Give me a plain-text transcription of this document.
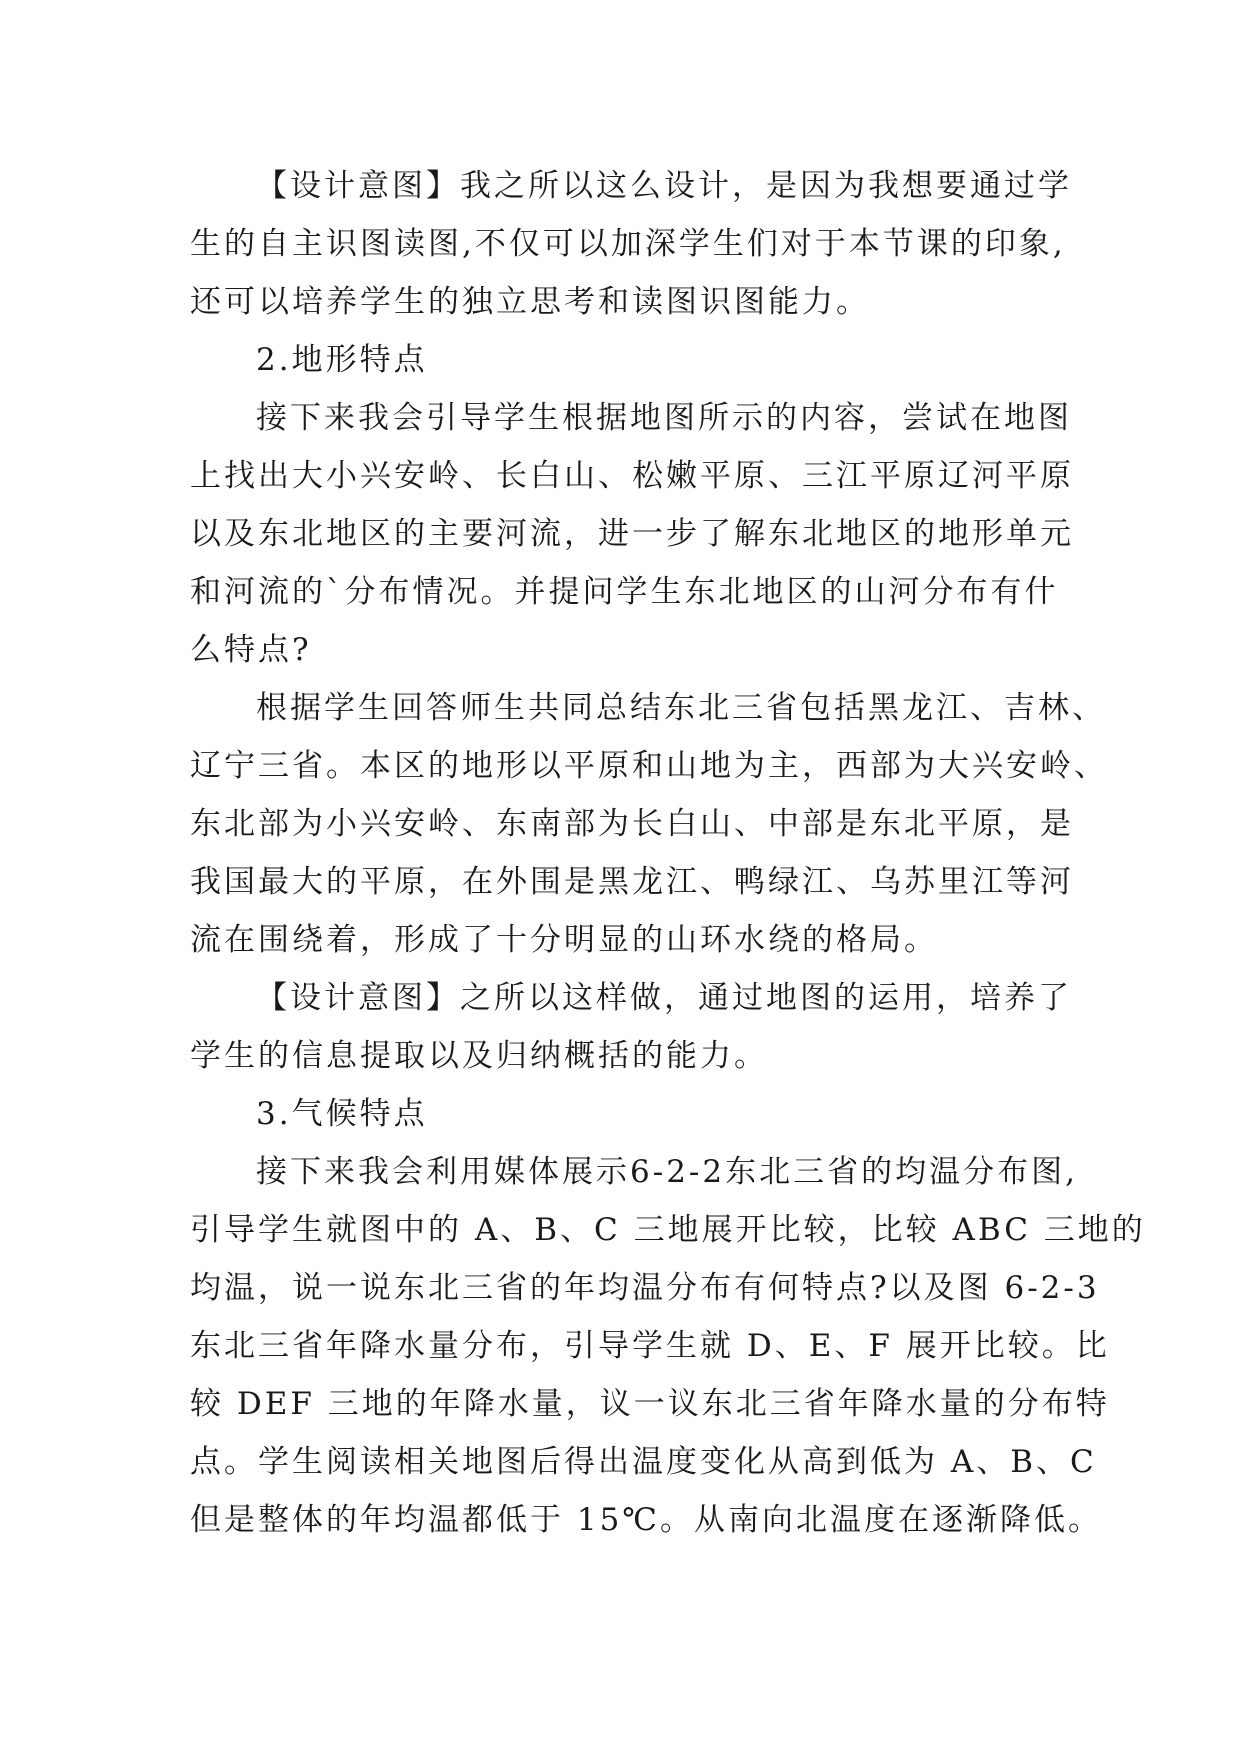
【设计意图】我之所以这么设计，是因为我想要通过学

生的自主识图读图,不仅可以加深学生们对于本节课的印象,

还可以培养学生的独立思考和读图识图能力。

2.地形特点

接下来我会引导学生根据地图所示的内容，尝试在地图

上找出大小兴安岭、长白山、松嫩平原、三江平原辽河平原

以及东北地区的主要河流，进一步了解东北地区的地形单元

和河流的`分布情况。并提问学生东北地区的山河分布有什

么特点?

根据学生回答师生共同总结东北三省包括黑龙江、吉林、

辽宁三省。本区的地形以平原和山地为主，西部为大兴安岭、

东北部为小兴安岭、东南部为长白山、中部是东北平原，是

我国最大的平原，在外围是黑龙江、鸭绿江、乌苏里江等河

流在围绕着，形成了十分明显的山环水绕的格局。

【设计意图】之所以这样做，通过地图的运用，培养了

学生的信息提取以及归纳概括的能力。

3.气候特点

接下来我会利用媒体展示6-2-2东北三省的均温分布图,

引导学生就图中的 A、B、C 三地展开比较，比较 ABC 三地的

均温，说一说东北三省的年均温分布有何特点?以及图 6-2-3

东北三省年降水量分布，引导学生就 D、E、F 展开比较。比

较 DEF 三地的年降水量，议一议东北三省年降水量的分布特

点。学生阅读相关地图后得出温度变化从高到低为 A、B、C

但是整体的年均温都低于 15℃。从南向北温度在逐渐降低。
